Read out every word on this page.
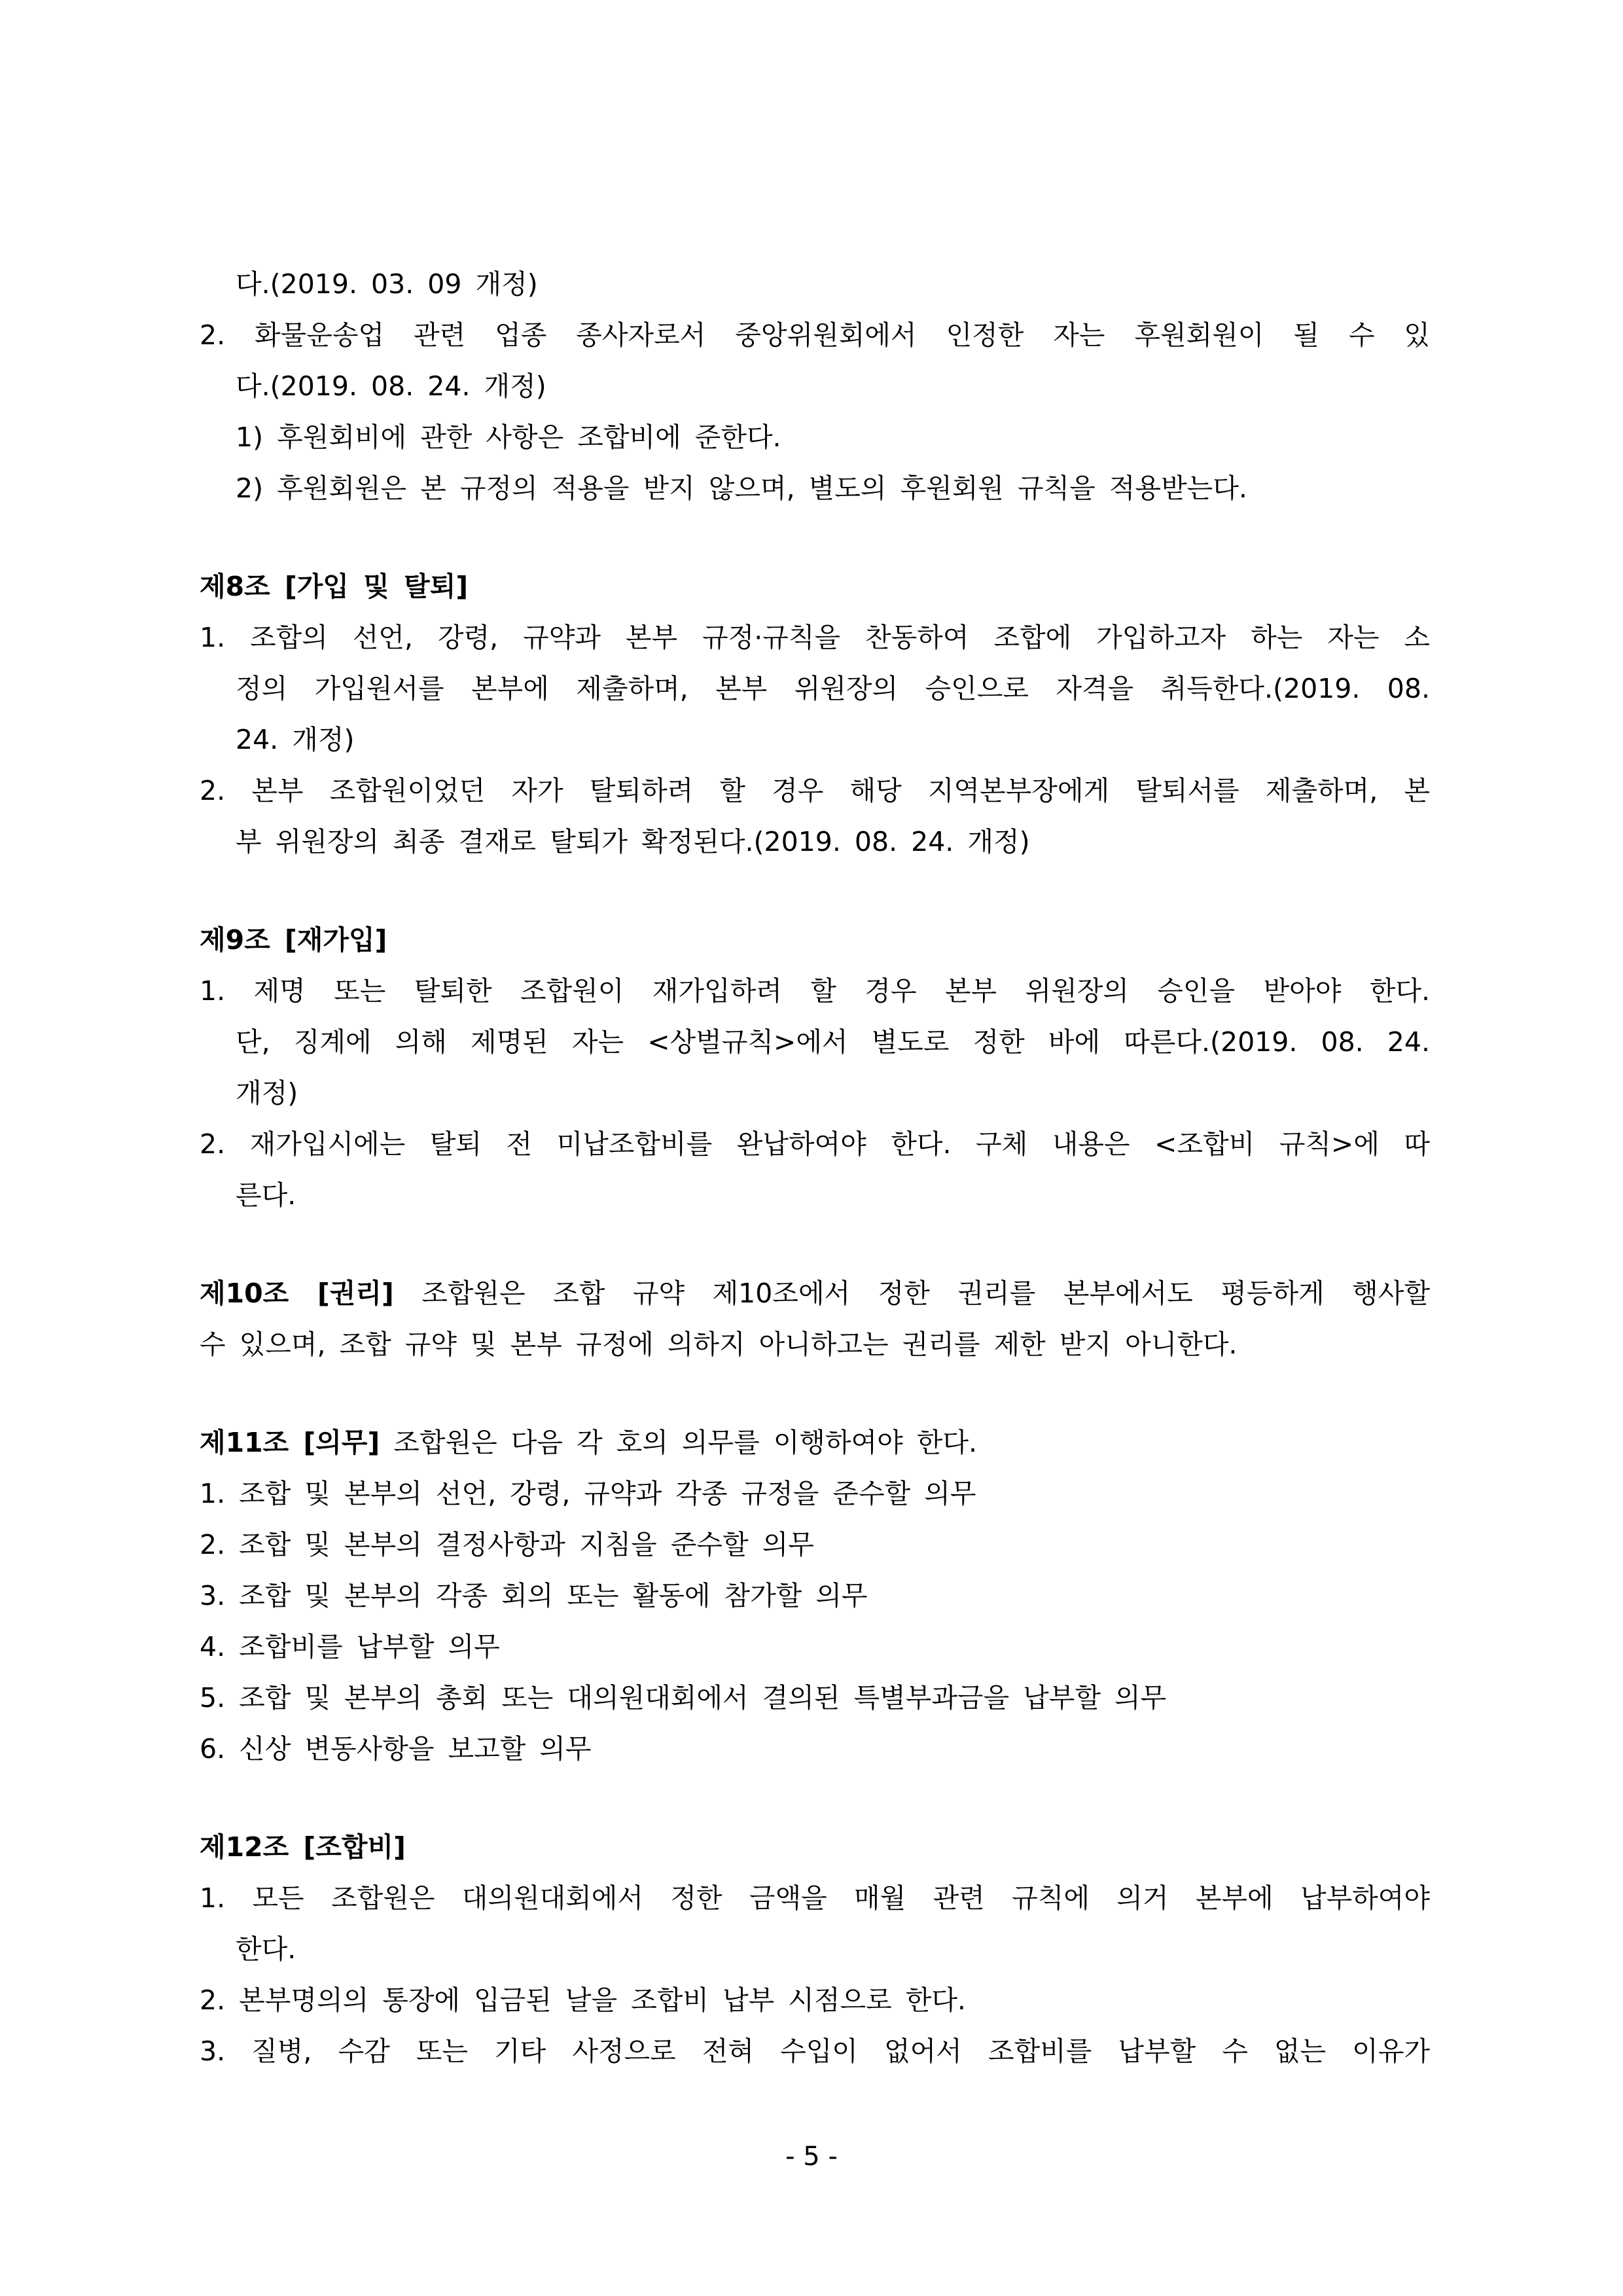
다.(2019. 03. 09 개정)
2. 화물운송업 관련 업종 종사자로서 중앙위원회에서 인정한 자는 후원회원이 될 수 있
다.(2019. 08. 24. 개정)
1) 후원회비에 관한 사항은 조합비에 준한다.
2) 후원회원은 본 규정의 적용을 받지 않으며, 별도의 후원회원 규칙을 적용받는다.
제8조 [가입 및 탈퇴]
1. 조합의 선언, 강령, 규약과 본부 규정·규칙을 찬동하여 조합에 가입하고자 하는 자는 소
정의 가입원서를 본부에 제출하며, 본부 위원장의 승인으로 자격을 취득한다.(2019. 08.
24. 개정)
2. 본부 조합원이었던 자가 탈퇴하려 할 경우 해당 지역본부장에게 탈퇴서를 제출하며, 본
부 위원장의 최종 결재로 탈퇴가 확정된다.(2019. 08. 24. 개정)
제9조 [재가입]
1. 제명 또는 탈퇴한 조합원이 재가입하려 할 경우 본부 위원장의 승인을 받아야 한다.
단, 징계에 의해 제명된 자는 <상벌규칙>에서 별도로 정한 바에 따른다.(2019. 08. 24.
개정)
2. 재가입시에는 탈퇴 전 미납조합비를 완납하여야 한다. 구체 내용은 <조합비 규칙>에 따
른다.
제10조 [권리] 조합원은 조합 규약 제10조에서 정한 권리를 본부에서도 평등하게 행사할
수 있으며, 조합 규약 및 본부 규정에 의하지 아니하고는 권리를 제한 받지 아니한다.
제11조 [의무] 조합원은 다음 각 호의 의무를 이행하여야 한다.
1. 조합 및 본부의 선언, 강령, 규약과 각종 규정을 준수할 의무
2. 조합 및 본부의 결정사항과 지침을 준수할 의무
3. 조합 및 본부의 각종 회의 또는 활동에 참가할 의무
4. 조합비를 납부할 의무
5. 조합 및 본부의 총회 또는 대의원대회에서 결의된 특별부과금을 납부할 의무
6. 신상 변동사항을 보고할 의무
제12조 [조합비]
1. 모든 조합원은 대의원대회에서 정한 금액을 매월 관련 규칙에 의거 본부에 납부하여야
한다.
2. 본부명의의 통장에 입금된 날을 조합비 납부 시점으로 한다.
3. 질병, 수감 또는 기타 사정으로 전혀 수입이 없어서 조합비를 납부할 수 없는 이유가
- 5 -
